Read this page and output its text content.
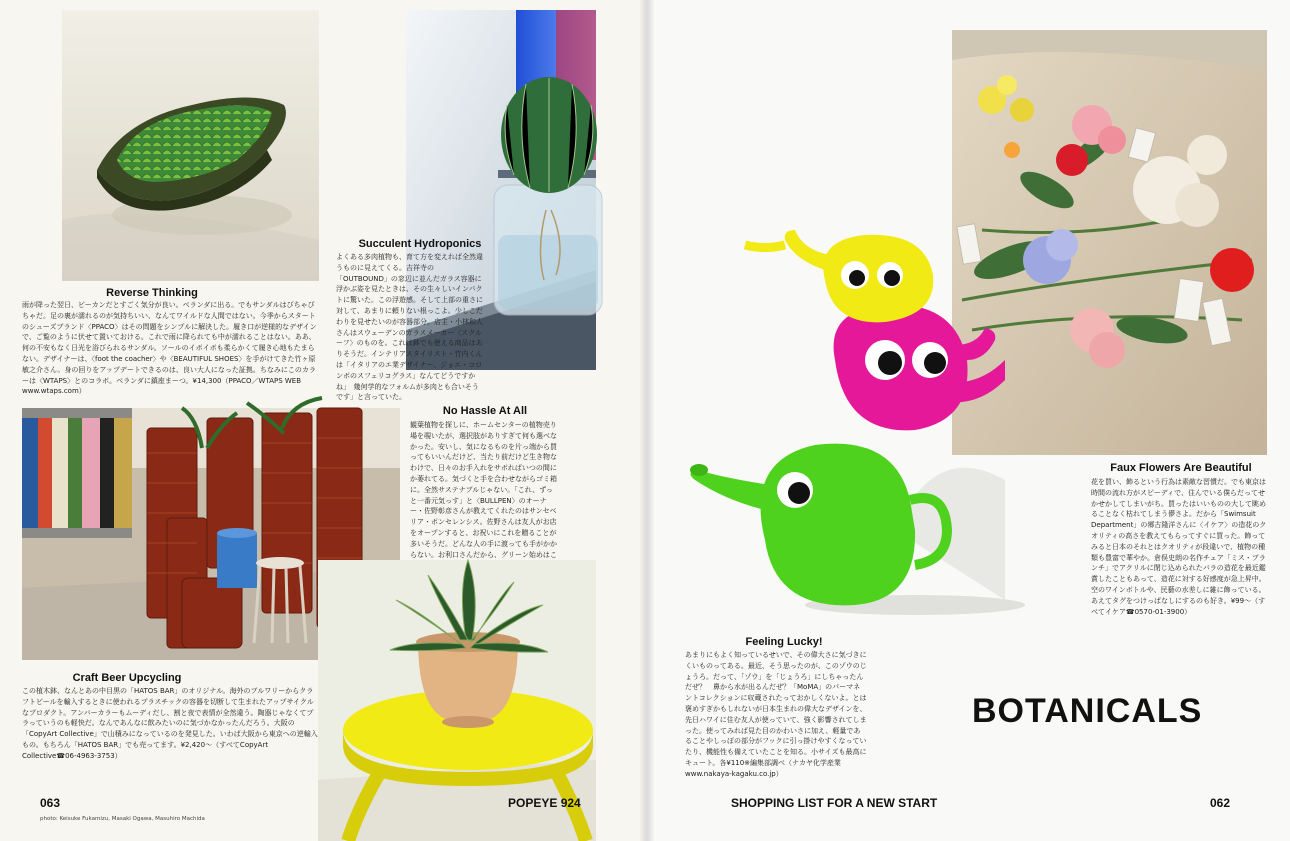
Reverse Thinking
雨が降った翌日、ビーカンだとすごく気分が良い。ベランダに出る。でもサンダルはびちゃびちゃだ。足の裏が濡れるのが気持ちいい、なんてワイルドな人間ではない。今季からスタートのシューズブランド〈PPACO〉はその問題をシンプルに解決した。履き口が逆様的なデザインで、ご覧のように伏せて置いておける。これで雨に降られても中が濡れることはない。ああ、何の不安もなく日光を浴びられるサンダル。ソールのイボイボも柔らかくて履き心地もたまらない。デザイナーは、〈foot the coacher〉や〈BEAUTIFUL SHOES〉を手がけてきた竹ヶ原敏之介さん。身の回りをアップデートできるのは、良い大人になった証拠。ちなみにこのカラーは〈WTAPS〉とのコラボ。ベランダに鎮座まーつ。¥14,300（PPACO／WTAPS WEB　www.wtaps.com）
Succulent Hydroponics
よくある多肉植物も、育て方を変えれば全然違うものに見えてくる。吉祥寺の「OUTBOUND」の窓辺に並んだガラス容器に浮かぶ姿を見たときは、その生々しいインパクトに驚いた。この浮遊感。そして上部の重さに対して、あまりに頼りない根っこよ。少しこだわりを見せたいのが容器部分。店主・小林和人さんはスウェーデンのガラスメーカー〈スクルーフ〉のものを。これは鉢でも使える商品はありそうだ。インテリアスタイリスト・竹内くんは「イタリアのエ業デザイナー、ジョエ・コロンボのスフェリコグラス」なんてどうですかね」　幾何学的なフォルムが多肉とも合いそうです」と言っていた。
Craft Beer Upcycling
この植木鉢、なんとあの中目黒の「HATOS BAR」のオリジナル。海外のブルワリーからクラフトビールを輸入するときに使われるプラスチックの容器を切断して生まれたアップサイクルなプロダクト。アンバーカラーもムーディだし、割と夜で表情が全然違う。陶器じゃなくてプラっていうのも軽快だ。なんであんなに飲みたいのに気づかなかったんだろう。大阪の「CopyArt Collective」で山積みになっているのを発見した。いわば大阪から東京への逆輸入もの。もちろん「HATOS BAR」でも売ってます。¥2,420〜（すべてCopyArt Collective☎06-4963-3753）
No Hassle At All
観葉植物を探しに、ホームセンターの植物売り場を覗いたが、選択肢がありすぎて何も選べなかった。安いし、気になるものを片っ端から買ってもいいんだけど、当たり前だけど生き物なわけで、日々のお手入れをサボればいつの間にか萎れてる。気づくと手を合わせながらゴミ箱に。全然サステナブルじゃない。「これ、ずっと一番元気っす」と〈BULLPEN〉のオーナー・佐野彰彦さんが教えてくれたのはサンセベリア・ボンセレンシス。佐野さんは友人がお店をオープンすると、お祝いにこれを贈ることが多いそうだ。どんな人の手に渡っても手がかからない。お利口さんだから、グリーン始めはこ
063	POPEYE 924
photo: Keisuke Fukamizu, Masaki Ogawa, Masuhiro Machida
Faux Flowers Are Beautiful
花を買い、飾るという行為は素敵な習慣だ。でも東京は時間の流れ方がスピーディで、住んでいる僕らだってせかせかしてしまいがち。買ったはいいものの大して眺めることなく枯れてしまう儚さよ。だから「Swimsuit Department」の郷古隆洋さんに〈イケア〉の造花のクオリティの高さを教えてもらってすぐに買った。飾ってみると日本のそれとはクオリティが段違いで、植物の種類も豊富で華やか。倉俣史朗の名作チェア「ミス・ブランチ」でアクリルに閉じ込められたバラの造花を最近鑑賞したこともあって、造花に対する好感度が急上昇中。空のワインボトルや、民藝の水差しに雑に飾っている。あえてタグをつけっぱなしにするのも好き。¥99〜（すべてイケア☎0570-01-3900）
Feeling Lucky!
あまりにもよく知っているせいで、その偉大さに気づきにくいものってある。最近、そう思ったのが、このゾウのじょうろ。だって、「ゾウ」を「じょうろ」にしちゃったんだぜ？　鼻から水が出るんだぜ？「MoMA」のパーマネントコレクションに収蔵されたっておかしくないよ。とは褒めすぎかもしれないが日本生まれの偉大なデザインを、先日ハワイに住む友人が使っていて、強く影響されてしまった。使ってみれば見た目のかわいさに加え、軽量であることやしっぽの部分がフックに引っ掛けやすくなっていたり、機能性も備えていたことを知る。小サイズも最高にキュート。各¥110※編集部調べ（ナカヤ化学産業　www.nakaya-kagaku.co.jp）
BOTANICALS
SHOPPING LIST FOR A NEW START	062
